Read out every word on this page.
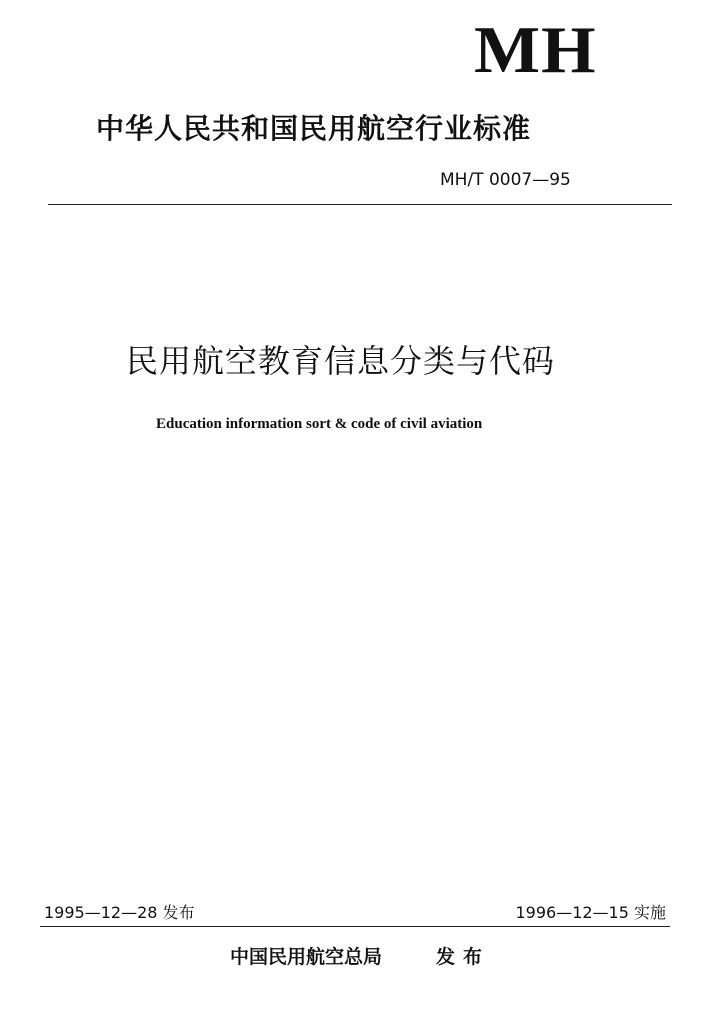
MH
中华人民共和国民用航空行业标准
MH/T 0007—95
民用航空教育信息分类与代码
Education information sort & code of civil aviation
1995—12—28 发布	1996—12—15 实施
中国民用航空总局	发布
